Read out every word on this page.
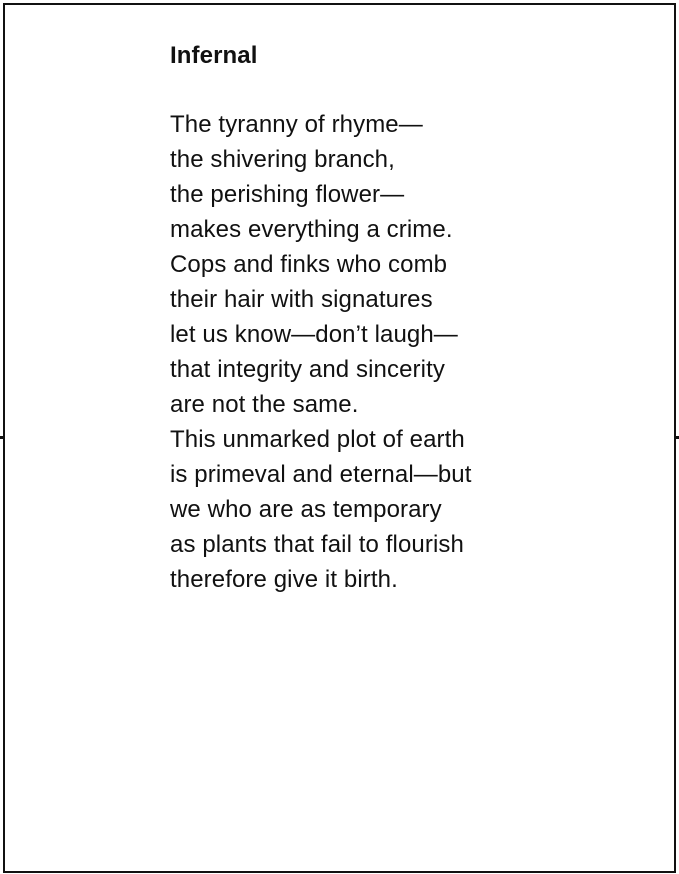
Infernal
The tyranny of rhyme—
the shivering branch,
the perishing flower—
makes everything a crime.
Cops and finks who comb
their hair with signatures
let us know—don’t laugh—
that integrity and sincerity
are not the same.
This unmarked plot of earth
is primeval and eternal—but
we who are as temporary
as plants that fail to flourish
therefore give it birth.
